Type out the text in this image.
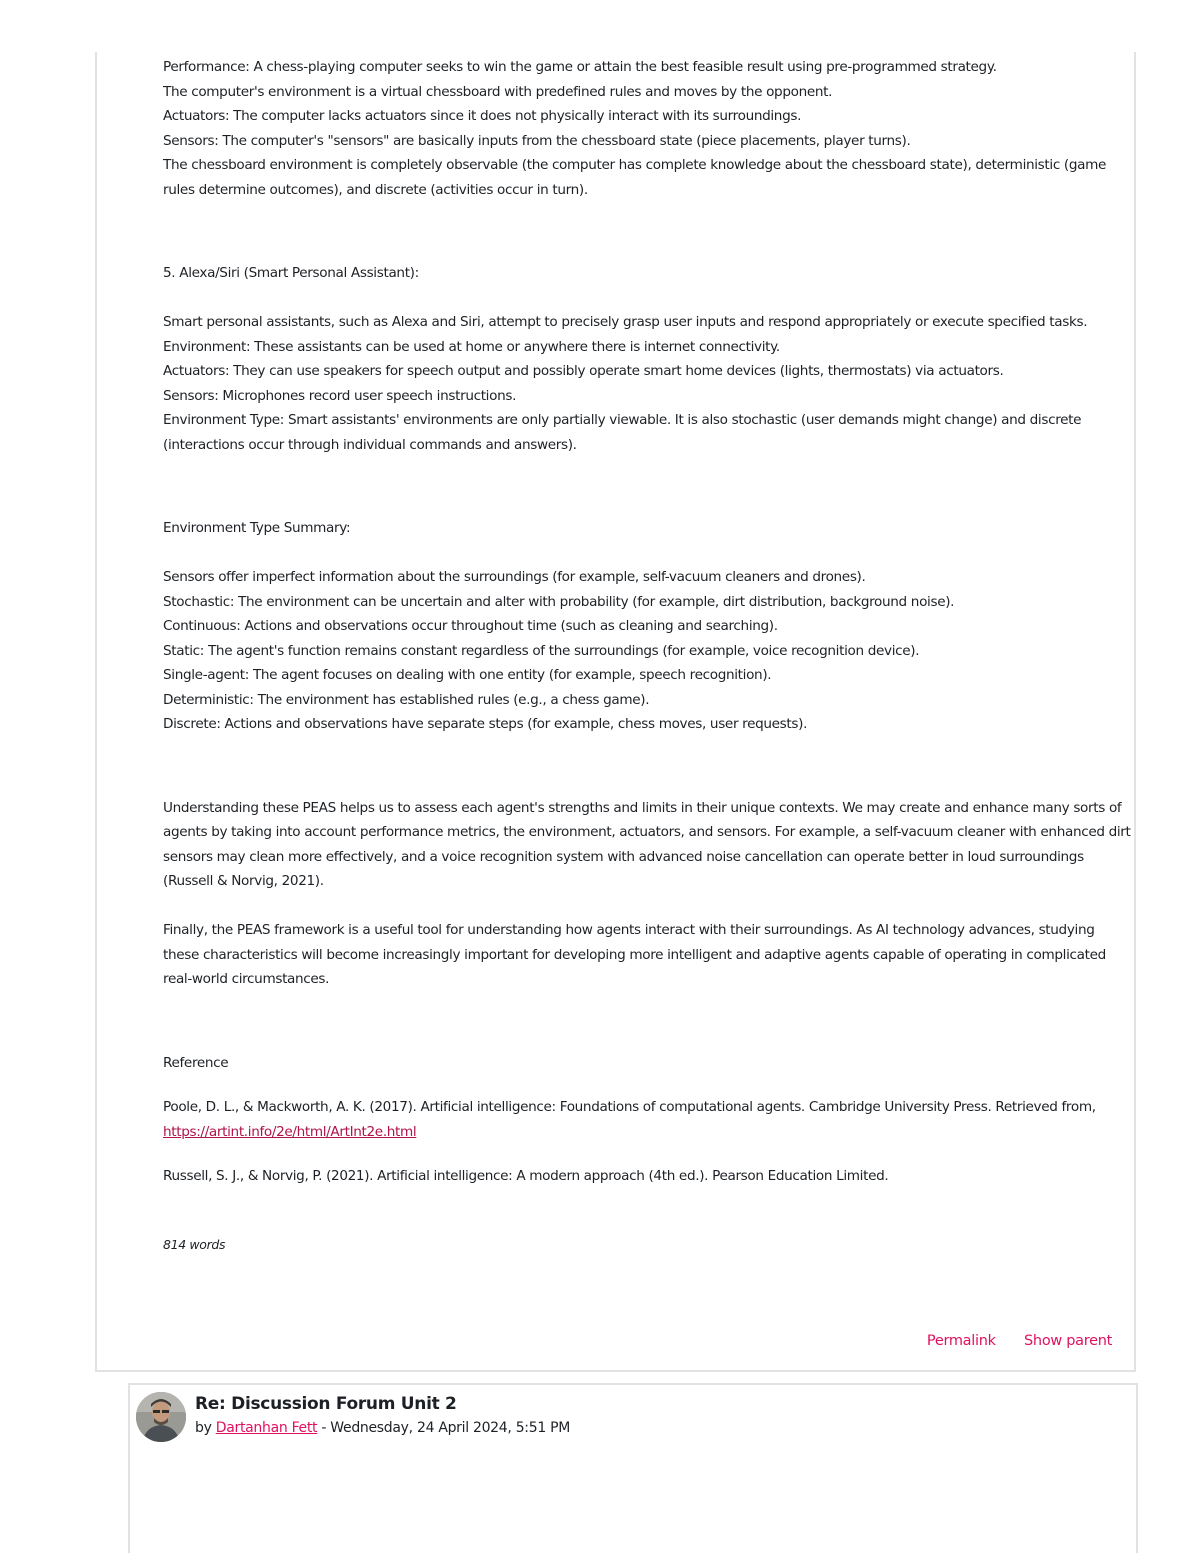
Performance: A chess-playing computer seeks to win the game or attain the best feasible result using pre-programmed strategy.

The computer's environment is a virtual chessboard with predefined rules and moves by the opponent.

Actuators: The computer lacks actuators since it does not physically interact with its surroundings.

Sensors: The computer's "sensors" are basically inputs from the chessboard state (piece placements, player turns).

The chessboard environment is completely observable (the computer has complete knowledge about the chessboard state), deterministic (game rules determine outcomes), and discrete (activities occur in turn).

5. Alexa/Siri (Smart Personal Assistant):

Smart personal assistants, such as Alexa and Siri, attempt to precisely grasp user inputs and respond appropriately or execute specified tasks.

Environment: These assistants can be used at home or anywhere there is internet connectivity.

Actuators: They can use speakers for speech output and possibly operate smart home devices (lights, thermostats) via actuators.

Sensors: Microphones record user speech instructions.

Environment Type: Smart assistants' environments are only partially viewable. It is also stochastic (user demands might change) and discrete (interactions occur through individual commands and answers).

Environment Type Summary:

Sensors offer imperfect information about the surroundings (for example, self-vacuum cleaners and drones).

Stochastic: The environment can be uncertain and alter with probability (for example, dirt distribution, background noise).

Continuous: Actions and observations occur throughout time (such as cleaning and searching).

Static: The agent's function remains constant regardless of the surroundings (for example, voice recognition device).

Single-agent: The agent focuses on dealing with one entity (for example, speech recognition).

Deterministic: The environment has established rules (e.g., a chess game).

Discrete: Actions and observations have separate steps (for example, chess moves, user requests).

Understanding these PEAS helps us to assess each agent's strengths and limits in their unique contexts. We may create and enhance many sorts of agents by taking into account performance metrics, the environment, actuators, and sensors. For example, a self-vacuum cleaner with enhanced dirt sensors may clean more effectively, and a voice recognition system with advanced noise cancellation can operate better in loud surroundings (Russell & Norvig, 2021).

Finally, the PEAS framework is a useful tool for understanding how agents interact with their surroundings. As AI technology advances, studying these characteristics will become increasingly important for developing more intelligent and adaptive agents capable of operating in complicated real-world circumstances.

Reference

Poole, D. L., & Mackworth, A. K. (2017). Artificial intelligence: Foundations of computational agents. Cambridge University Press. Retrieved from, https://artint.info/2e/html/ArtInt2e.html

Russell, S. J., & Norvig, P. (2021). Artificial intelligence: A modern approach (4th ed.). Pearson Education Limited.

814 words

Permalink Show parent
Re: Discussion Forum Unit 2
by Dartanhan Fett - Wednesday, 24 April 2024, 5:51 PM
